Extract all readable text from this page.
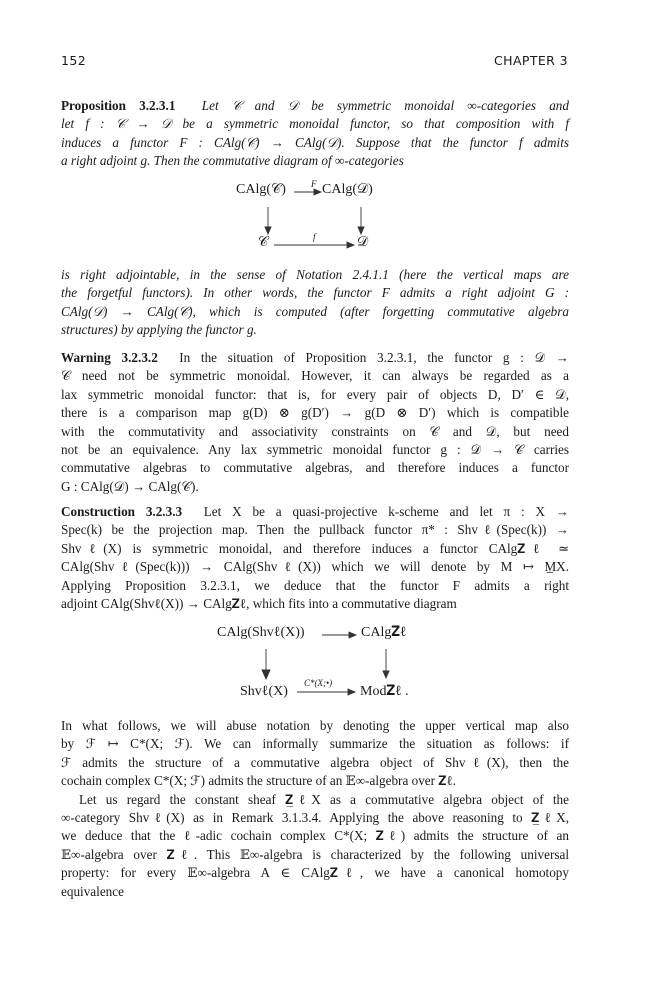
152	CHAPTER 3
Proposition 3.2.3.1 Let 𝒞 and 𝒟 be symmetric monoidal ∞-categories and
let f : 𝒞 → 𝒟 be a symmetric monoidal functor, so that composition with f
induces a functor F : CAlg(𝒞) → CAlg(𝒟). Suppose that the functor f admits
a right adjoint g. Then the commutative diagram of ∞-categories
CAlg(𝒞)	CAlg(𝒟)
𝒞	𝒟
F
f
is right adjointable, in the sense of Notation 2.4.1.1 (here the vertical maps are
the forgetful functors). In other words, the functor F admits a right adjoint G :
CAlg(𝒟) → CAlg(𝒞), which is computed (after forgetting commutative algebra
structures) by applying the functor g.
Warning 3.2.3.2 In the situation of Proposition 3.2.3.1, the functor g : 𝒟 →
𝒞 need not be symmetric monoidal. However, it can always be regarded as a
lax symmetric monoidal functor: that is, for every pair of objects D, D′ ∈ 𝒟,
there is a comparison map g(D) ⊗ g(D′) → g(D ⊗ D′) which is compatible
with the commutativity and associativity constraints on 𝒞 and 𝒟, but need
not be an equivalence. Any lax symmetric monoidal functor g : 𝒟 → 𝒞 carries
commutative algebras to commutative algebras, and therefore induces a functor
G : CAlg(𝒟) → CAlg(𝒞).
Construction 3.2.3.3 Let X be a quasi-projective k-scheme and let π : X →
Spec(k) be the projection map. Then the pullback functor π* : Shvℓ(Spec(k)) →
Shvℓ(X) is symmetric monoidal, and therefore induces a functor CAlg𝐙ℓ ≃
CAlg(Shvℓ(Spec(k))) → CAlg(Shvℓ(X)) which we will denote by M ↦ M̲X.
Applying Proposition 3.2.3.1, we deduce that the functor F admits a right
adjoint CAlg(Shvℓ(X)) → CAlg𝐙ℓ, which fits into a commutative diagram
CAlg(Shvℓ(X))	CAlg𝐙ℓ
Shvℓ(X)	Mod𝐙ℓ .
C*(X;•)
In what follows, we will abuse notation by denoting the upper vertical map also
by ℱ ↦ C*(X; ℱ). We can informally summarize the situation as follows: if
ℱ admits the structure of a commutative algebra object of Shvℓ(X), then the
cochain complex C*(X; ℱ) admits the structure of an 𝔼∞-algebra over 𝐙ℓ.
Let us regard the constant sheaf 𝐙̲ℓX as a commutative algebra object of the
∞-category Shvℓ(X) as in Remark 3.1.3.4. Applying the above reasoning to 𝐙̲ℓX,
we deduce that the ℓ-adic cochain complex C*(X; 𝐙ℓ) admits the structure of an
𝔼∞-algebra over 𝐙ℓ. This 𝔼∞-algebra is characterized by the following universal
property: for every 𝔼∞-algebra A ∈ CAlg𝐙ℓ, we have a canonical homotopy
equivalence
